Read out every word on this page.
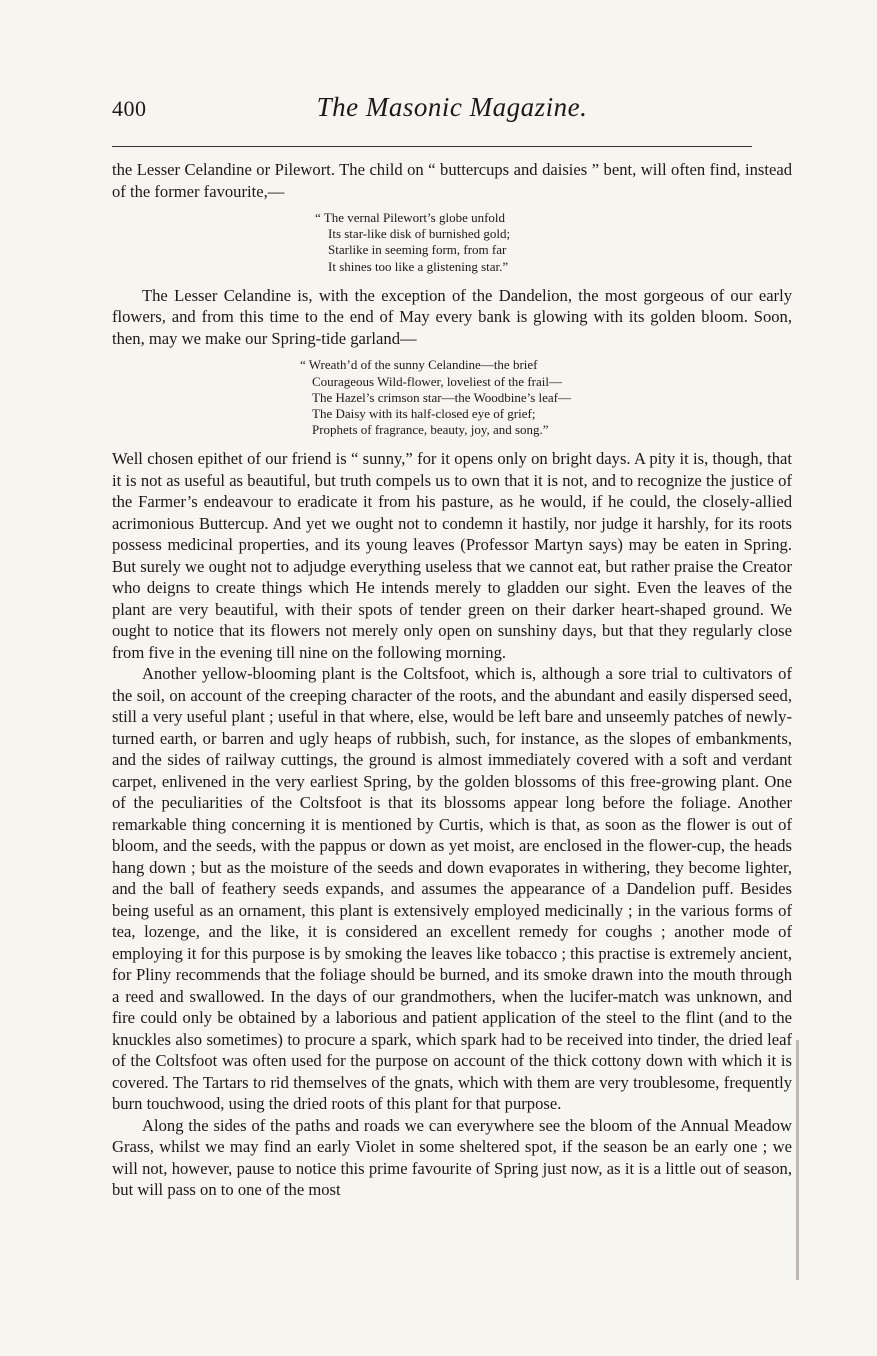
400	The Masonic Magazine.

the Lesser Celandine or Pilewort. The child on “ buttercups and daisies ” bent, will often find, instead of the former favourite,—

“ The vernal Pilewort’s globe unfold
Its star-like disk of burnished gold;
Starlike in seeming form, from far
It shines too like a glistening star.”

The Lesser Celandine is, with the exception of the Dandelion, the most gorgeous of our early flowers, and from this time to the end of May every bank is glowing with its golden bloom. Soon, then, may we make our Spring-tide garland—

“ Wreath’d of the sunny Celandine—the brief
Courageous Wild-flower, loveliest of the frail—
The Hazel’s crimson star—the Woodbine’s leaf—
The Daisy with its half-closed eye of grief;
Prophets of fragrance, beauty, joy, and song.”

Well chosen epithet of our friend is “ sunny,” for it opens only on bright days. A pity it is, though, that it is not as useful as beautiful, but truth compels us to own that it is not, and to recognize the justice of the Farmer’s endeavour to eradicate it from his pasture, as he would, if he could, the closely-allied acrimonious Buttercup. And yet we ought not to condemn it hastily, nor judge it harshly, for its roots possess medicinal properties, and its young leaves (Professor Martyn says) may be eaten in Spring. But surely we ought not to adjudge everything useless that we cannot eat, but rather praise the Creator who deigns to create things which He intends merely to gladden our sight. Even the leaves of the plant are very beautiful, with their spots of tender green on their darker heart-shaped ground. We ought to notice that its flowers not merely only open on sunshiny days, but that they regularly close from five in the evening till nine on the following morning.

Another yellow-blooming plant is the Coltsfoot, which is, although a sore trial to cultivators of the soil, on account of the creeping character of the roots, and the abundant and easily dispersed seed, still a very useful plant ; useful in that where, else, would be left bare and unseemly patches of newly-turned earth, or barren and ugly heaps of rubbish, such, for instance, as the slopes of embankments, and the sides of railway cuttings, the ground is almost immediately covered with a soft and verdant carpet, enlivened in the very earliest Spring, by the golden blossoms of this free-growing plant. One of the peculiarities of the Coltsfoot is that its blossoms appear long before the foliage. Another remarkable thing concerning it is mentioned by Curtis, which is that, as soon as the flower is out of bloom, and the seeds, with the pappus or down as yet moist, are enclosed in the flower-cup, the heads hang down ; but as the moisture of the seeds and down evaporates in withering, they become lighter, and the ball of feathery seeds expands, and assumes the appearance of a Dandelion puff. Besides being useful as an ornament, this plant is extensively employed medicinally ; in the various forms of tea, lozenge, and the like, it is considered an excellent remedy for coughs ; another mode of employing it for this purpose is by smoking the leaves like tobacco ; this practise is extremely ancient, for Pliny recommends that the foliage should be burned, and its smoke drawn into the mouth through a reed and swallowed. In the days of our grandmothers, when the lucifer-match was unknown, and fire could only be obtained by a laborious and patient application of the steel to the flint (and to the knuckles also sometimes) to procure a spark, which spark had to be received into tinder, the dried leaf of the Coltsfoot was often used for the purpose on account of the thick cottony down with which it is covered. The Tartars to rid themselves of the gnats, which with them are very troublesome, frequently burn touchwood, using the dried roots of this plant for that purpose.

Along the sides of the paths and roads we can everywhere see the bloom of the Annual Meadow Grass, whilst we may find an early Violet in some sheltered spot, if the season be an early one ; we will not, however, pause to notice this prime favourite of Spring just now, as it is a little out of season, but will pass on to one of the most
